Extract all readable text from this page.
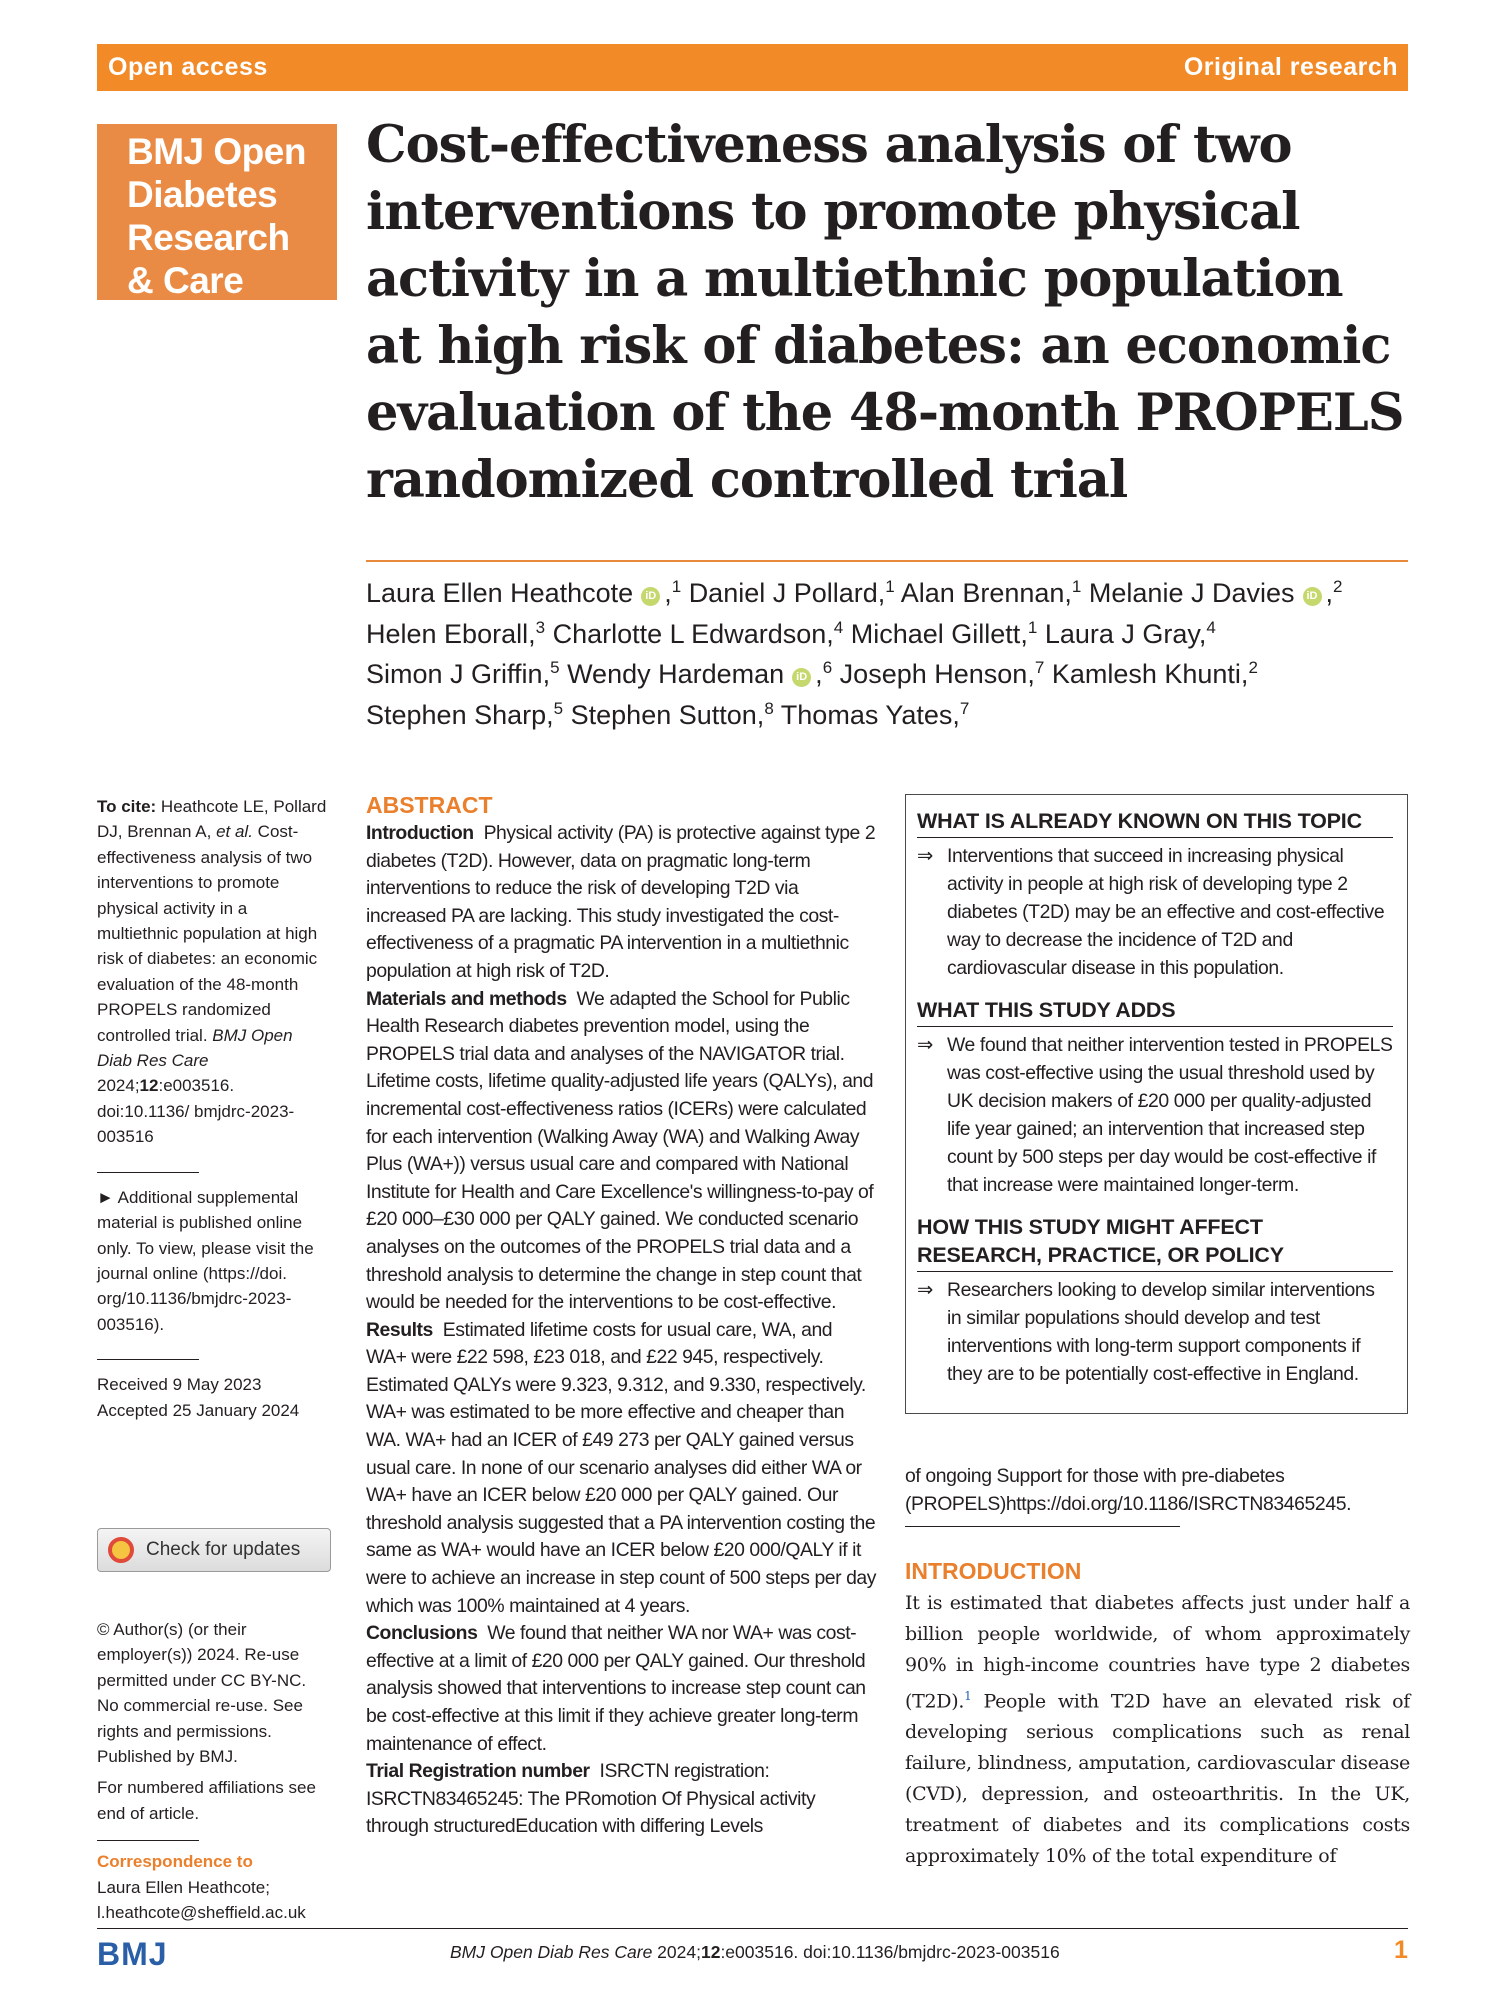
Open access	Original research
BMJ Open
Diabetes
Research
& Care
Cost-effectiveness analysis of two interventions to promote physical activity in a multiethnic population at high risk of diabetes: an economic evaluation of the 48-month PROPELS randomized controlled trial
Laura Ellen Heathcote iD ,$^1$ Daniel J Pollard,$^1$ Alan Brennan,$^1$ Melanie J Davies iD ,$^2$
Helen Eborall,$^3$ Charlotte L Edwardson,$^4$ Michael Gillett,$^1$ Laura J Gray,$^4$
Simon J Griffin,$^5$ Wendy Hardeman iD ,$^6$ Joseph Henson,$^7$ Kamlesh Khunti,$^2$
Stephen Sharp,$^5$ Stephen Sutton,$^8$ Thomas Yates,$^7$
To cite: Heathcote LE, Pollard DJ, Brennan A, et al. Cost-effectiveness analysis of two interventions to promote physical activity in a multiethnic population at high risk of diabetes: an economic evaluation of the 48-month PROPELS randomized controlled trial. BMJ Open Diab Res Care 2024;12:e003516. doi:10.1136/ bmjdrc-2023-003516
► Additional supplemental material is published online only. To view, please visit the journal online (https://doi. org/10.1136/bmjdrc-2023- 003516).
Received 9 May 2023
Accepted 25 January 2024
© Author(s) (or their employer(s)) 2024. Re-use permitted under CC BY-NC. No commercial re-use. See rights and permissions. Published by BMJ.
For numbered affiliations see end of article.
Correspondence to
Laura Ellen Heathcote;
l.heathcote@sheffield.ac.uk
Check for updates
ABSTRACT

Introduction Physical activity (PA) is protective against type 2 diabetes (T2D). However, data on pragmatic long-term interventions to reduce the risk of developing T2D via increased PA are lacking. This study investigated the cost-effectiveness of a pragmatic PA intervention in a multiethnic population at high risk of T2D.

Materials and methods We adapted the School for Public Health Research diabetes prevention model, using the PROPELS trial data and analyses of the NAVIGATOR trial. Lifetime costs, lifetime quality-adjusted life years (QALYs), and incremental cost-effectiveness ratios (ICERs) were calculated for each intervention (Walking Away (WA) and Walking Away Plus (WA+)) versus usual care and compared with National Institute for Health and Care Excellence's willingness-to-pay of £20 000–£30 000 per QALY gained. We conducted scenario analyses on the outcomes of the PROPELS trial data and a threshold analysis to determine the change in step count that would be needed for the interventions to be cost-effective.

Results Estimated lifetime costs for usual care, WA, and WA+ were £22 598, £23 018, and £22 945, respectively. Estimated QALYs were 9.323, 9.312, and 9.330, respectively. WA+ was estimated to be more effective and cheaper than WA. WA+ had an ICER of £49 273 per QALY gained versus usual care. In none of our scenario analyses did either WA or WA+ have an ICER below £20 000 per QALY gained. Our threshold analysis suggested that a PA intervention costing the same as WA+ would have an ICER below £20 000/QALY if it were to achieve an increase in step count of 500 steps per day which was 100% maintained at 4 years.

Conclusions We found that neither WA nor WA+ was cost-effective at a limit of £20 000 per QALY gained. Our threshold analysis showed that interventions to increase step count can be cost-effective at this limit if they achieve greater long-term maintenance of effect.

Trial Registration number ISRCTN registration: ISRCTN83465245: The PRomotion Of Physical activity through structuredEducation with differing Levels

WHAT IS ALREADY KNOWN ON THIS TOPIC
⇒ Interventions that succeed in increasing physical activity in people at high risk of developing type 2 diabetes (T2D) may be an effective and cost-effective way to decrease the incidence of T2D and cardiovascular disease in this population.
WHAT THIS STUDY ADDS
⇒ We found that neither intervention tested in PROPELS was cost-effective using the usual threshold used by UK decision makers of £20 000 per quality-adjusted life year gained; an intervention that increased step count by 500 steps per day would be cost-effective if that increase were maintained longer-term.
HOW THIS STUDY MIGHT AFFECT RESEARCH, PRACTICE, OR POLICY
⇒ Researchers looking to develop similar interventions in similar populations should develop and test interventions with long-term support components if they are to be potentially cost-effective in England.
of ongoing Support for those with pre-diabetes (PROPELS)https://doi.org/10.1186/ISRCTN83465245.
INTRODUCTION
It is estimated that diabetes affects just under half a billion people worldwide, of whom approximately 90% in high-income countries have type 2 diabetes (T2D).$^1$ People with T2D have an elevated risk of developing serious complications such as renal failure, blindness, amputation, cardiovascular disease (CVD), depression, and osteoarthritis. In the UK, treatment of diabetes and its complications costs approximately 10% of the total expenditure of
BMJ	BMJ Open Diab Res Care 2024;12:e003516. doi:10.1136/bmjdrc-2023-003516	1
